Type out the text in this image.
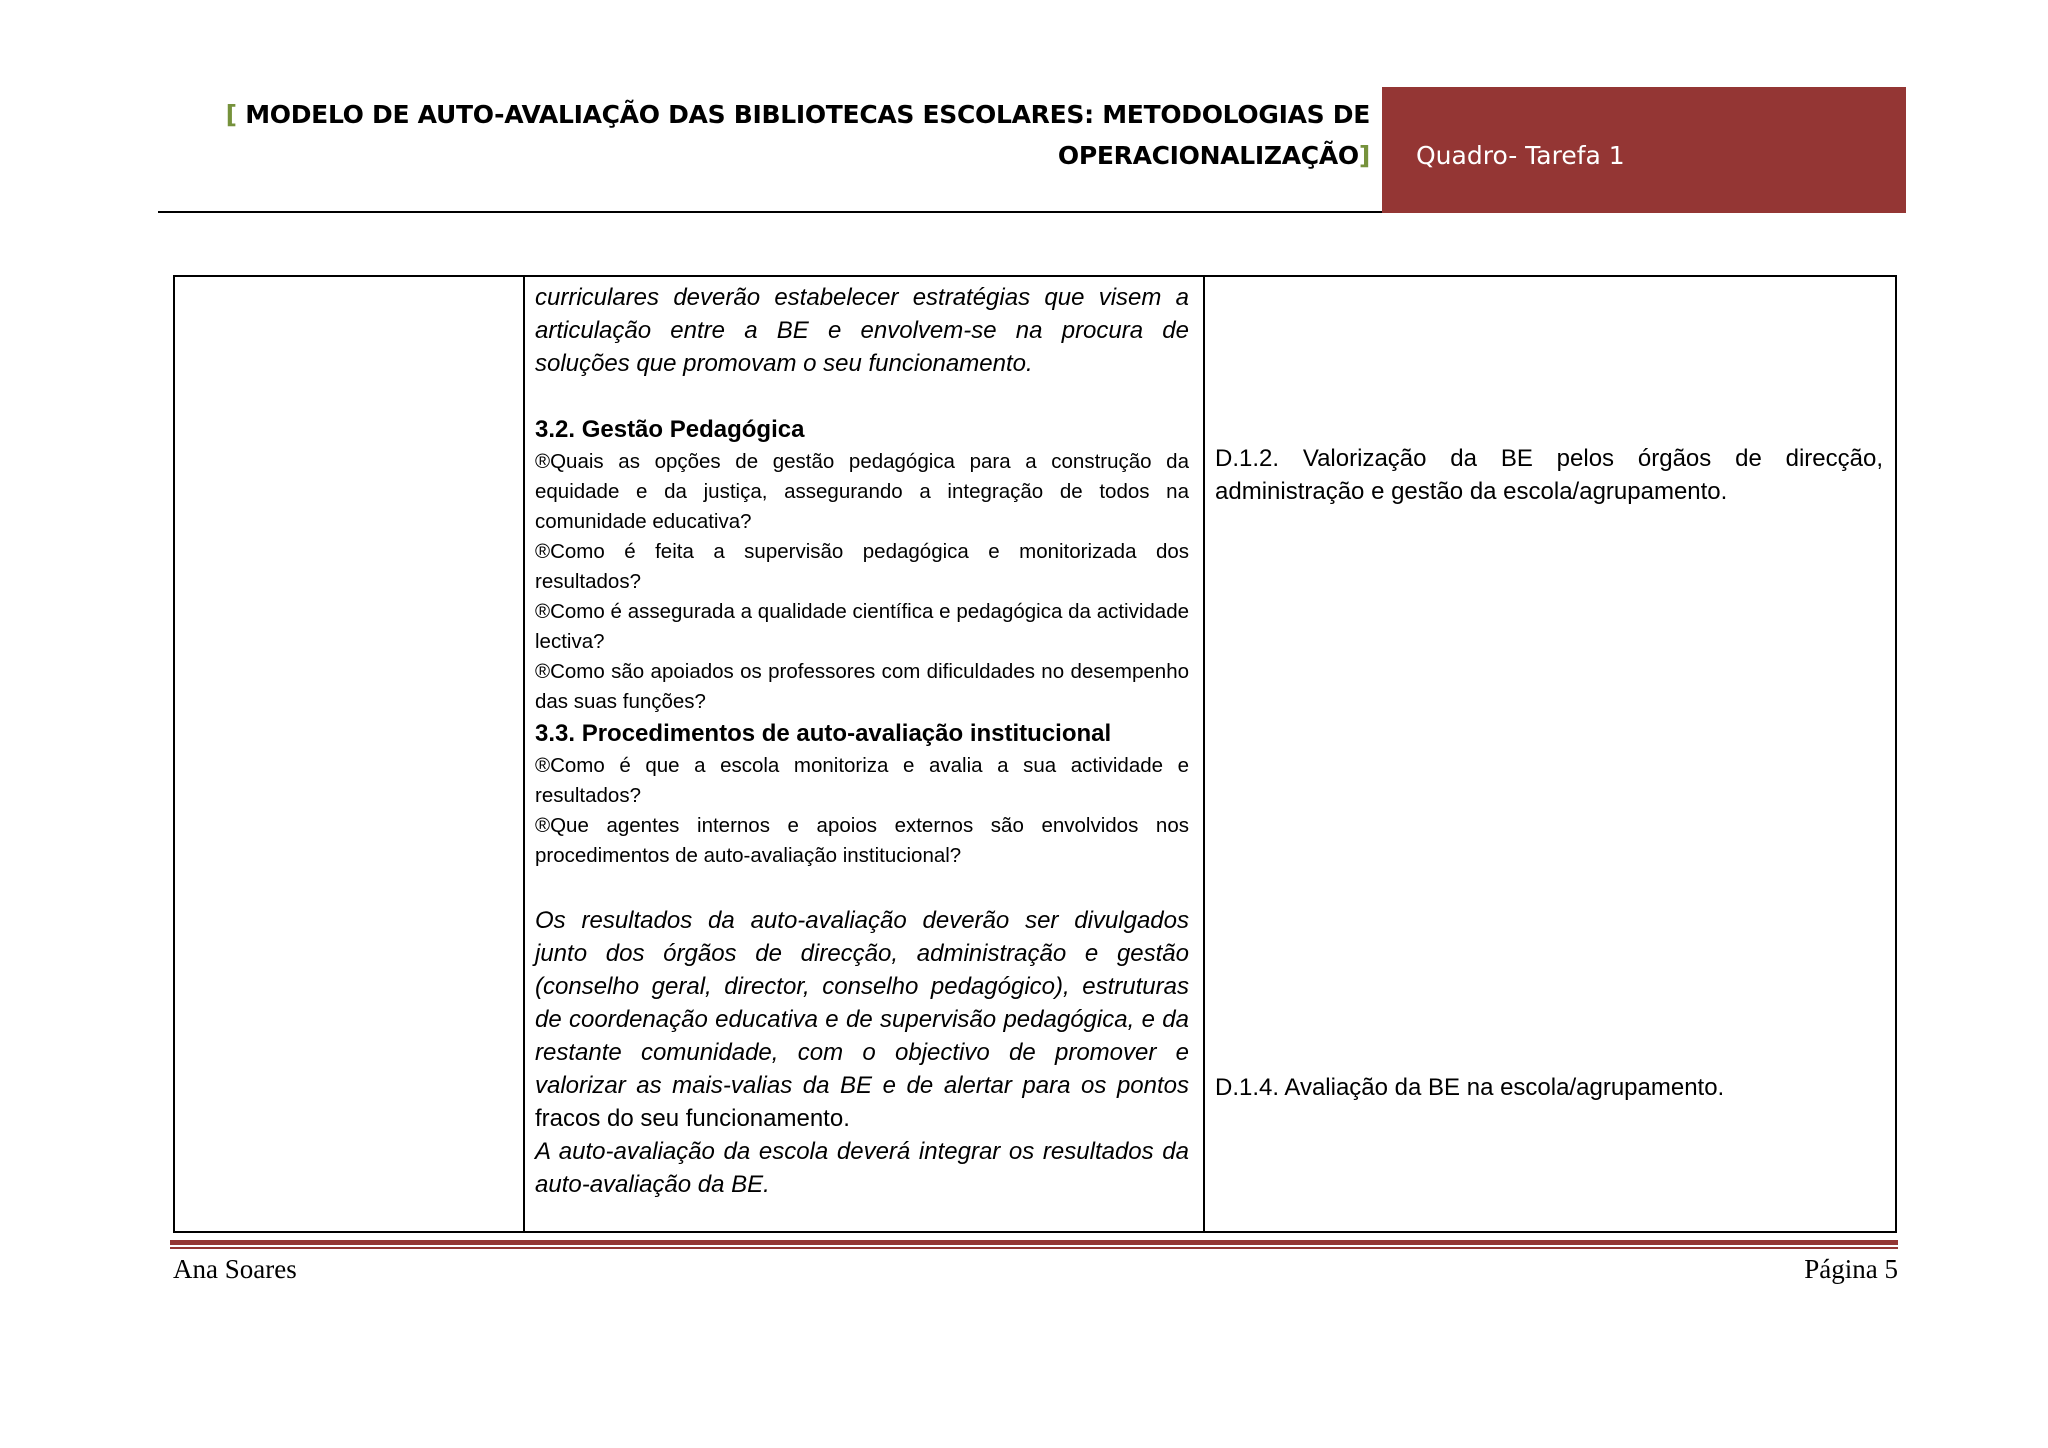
[ MODELO DE AUTO-AVALIAÇÃO DAS BIBLIOTECAS ESCOLARES: METODOLOGIAS DE
OPERACIONALIZAÇÃO] Quadro- Tarefa 1
curriculares deverão estabelecer estratégias que visem a articulação entre a BE e envolvem-se na procura de soluções que promovam o seu funcionamento.
3.2. Gestão Pedagógica
®Quais as opções de gestão pedagógica para a construção da equidade e da justiça, assegurando a integração de todos na comunidade educativa?
®Como é feita a supervisão pedagógica e monitorizada dos resultados?
®Como é assegurada a qualidade científica e pedagógica da actividade lectiva?
®Como são apoiados os professores com dificuldades no desempenho das suas funções?
3.3. Procedimentos de auto-avaliação institucional
®Como é que a escola monitoriza e avalia a sua actividade e resultados?
®Que agentes internos e apoios externos são envolvidos nos procedimentos de auto-avaliação institucional?
Os resultados da auto-avaliação deverão ser divulgados junto dos órgãos de direcção, administração e gestão (conselho geral, director, conselho pedagógico), estruturas de coordenação educativa e de supervisão pedagógica, e da restante comunidade, com o objectivo de promover e valorizar as mais-valias da BE e de alertar para os pontos fracos do seu funcionamento.
A auto-avaliação da escola deverá integrar os resultados da auto-avaliação da BE.
D.1.2. Valorização da BE pelos órgãos de direcção, administração e gestão da escola/agrupamento.
D.1.4. Avaliação da BE na escola/agrupamento.
Ana Soares	Página 5
